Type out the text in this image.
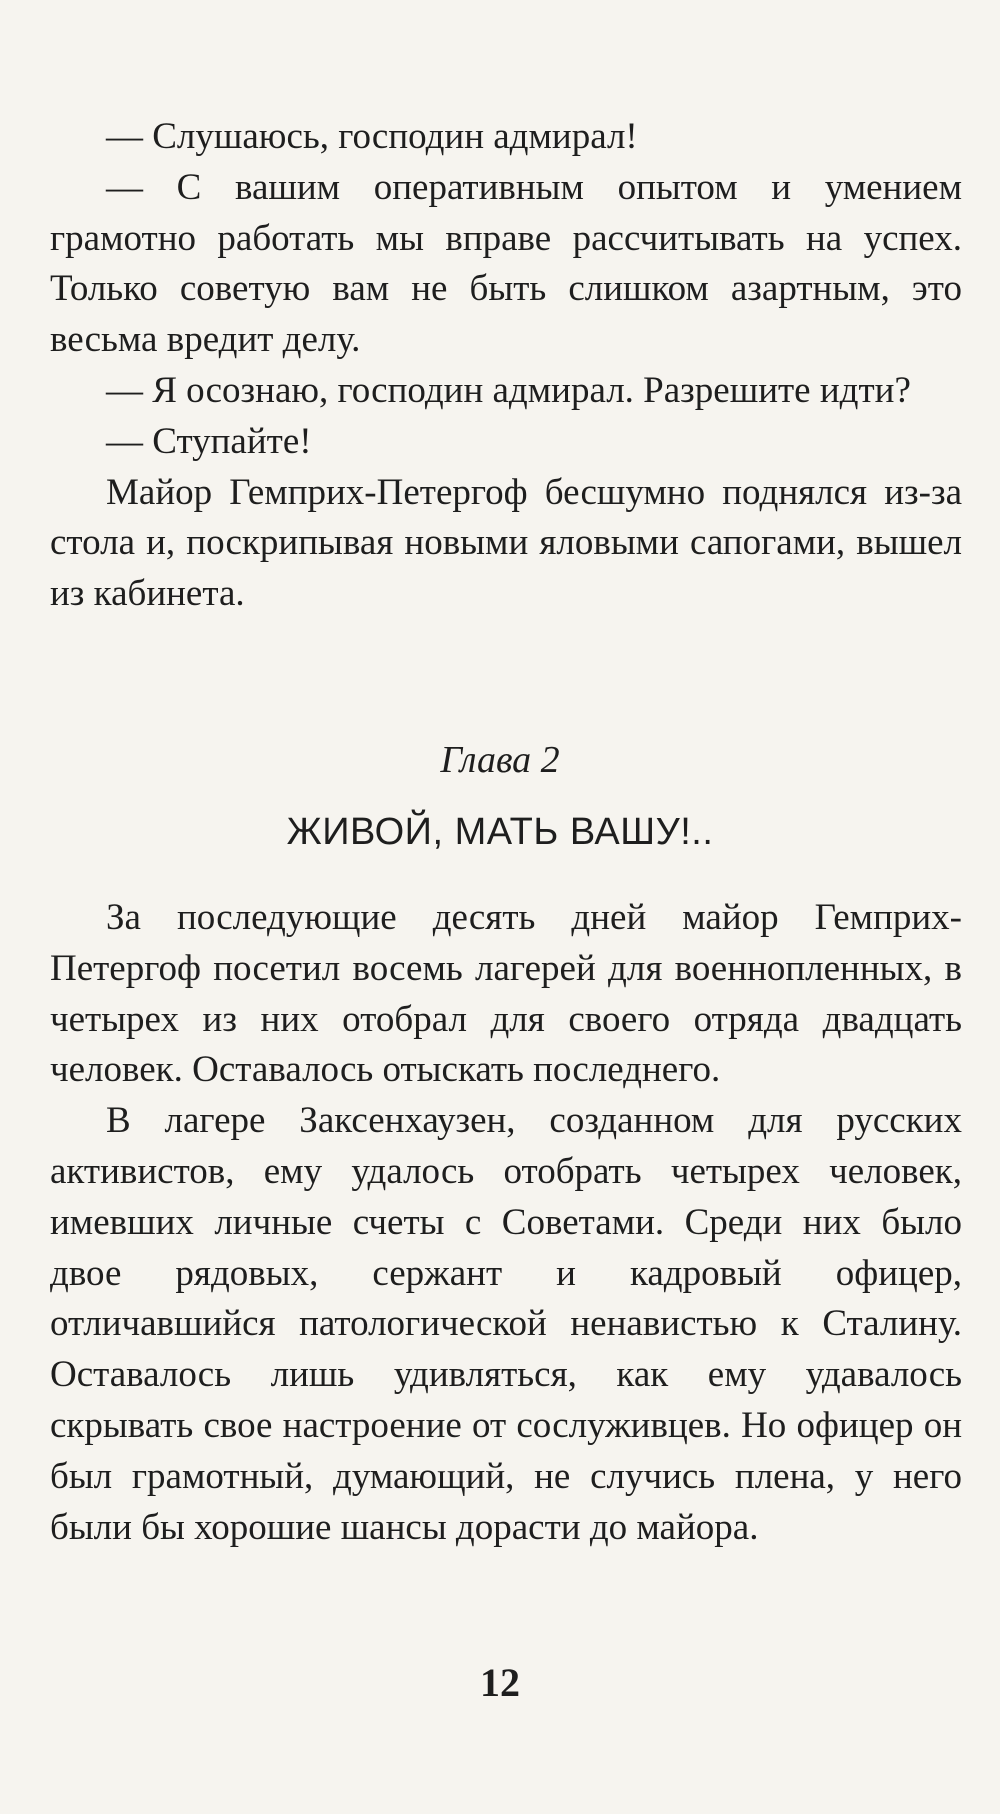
— Слушаюсь, господин адмирал!

— С вашим оперативным опытом и умением грамотно работать мы вправе рассчитывать на успех. Только советую вам не быть слишком азартным, это весьма вредит делу.

— Я осознаю, господин адмирал. Разрешите идти?

— Ступайте!

Майор Гемприх-Петергоф бесшумно поднялся из-за стола и, поскрипывая новыми яловыми сапогами, вышел из кабинета.

Глава 2
ЖИВОЙ, МАТЬ ВАШУ!..

За последующие десять дней майор Гемприх-Петергоф посетил восемь лагерей для военнопленных, в четырех из них отобрал для своего отряда двадцать человек. Оставалось отыскать последнего.

В лагере Заксенхаузен, созданном для русских активистов, ему удалось отобрать четырех человек, имевших личные счеты с Советами. Среди них было двое рядовых, сержант и кадровый офицер, отличавшийся патологической ненавистью к Сталину. Оставалось лишь удивляться, как ему удавалось скрывать свое настроение от сослуживцев. Но офицер он был грамотный, думающий, не случись плена, у него были бы хорошие шансы дорасти до майора.

12
